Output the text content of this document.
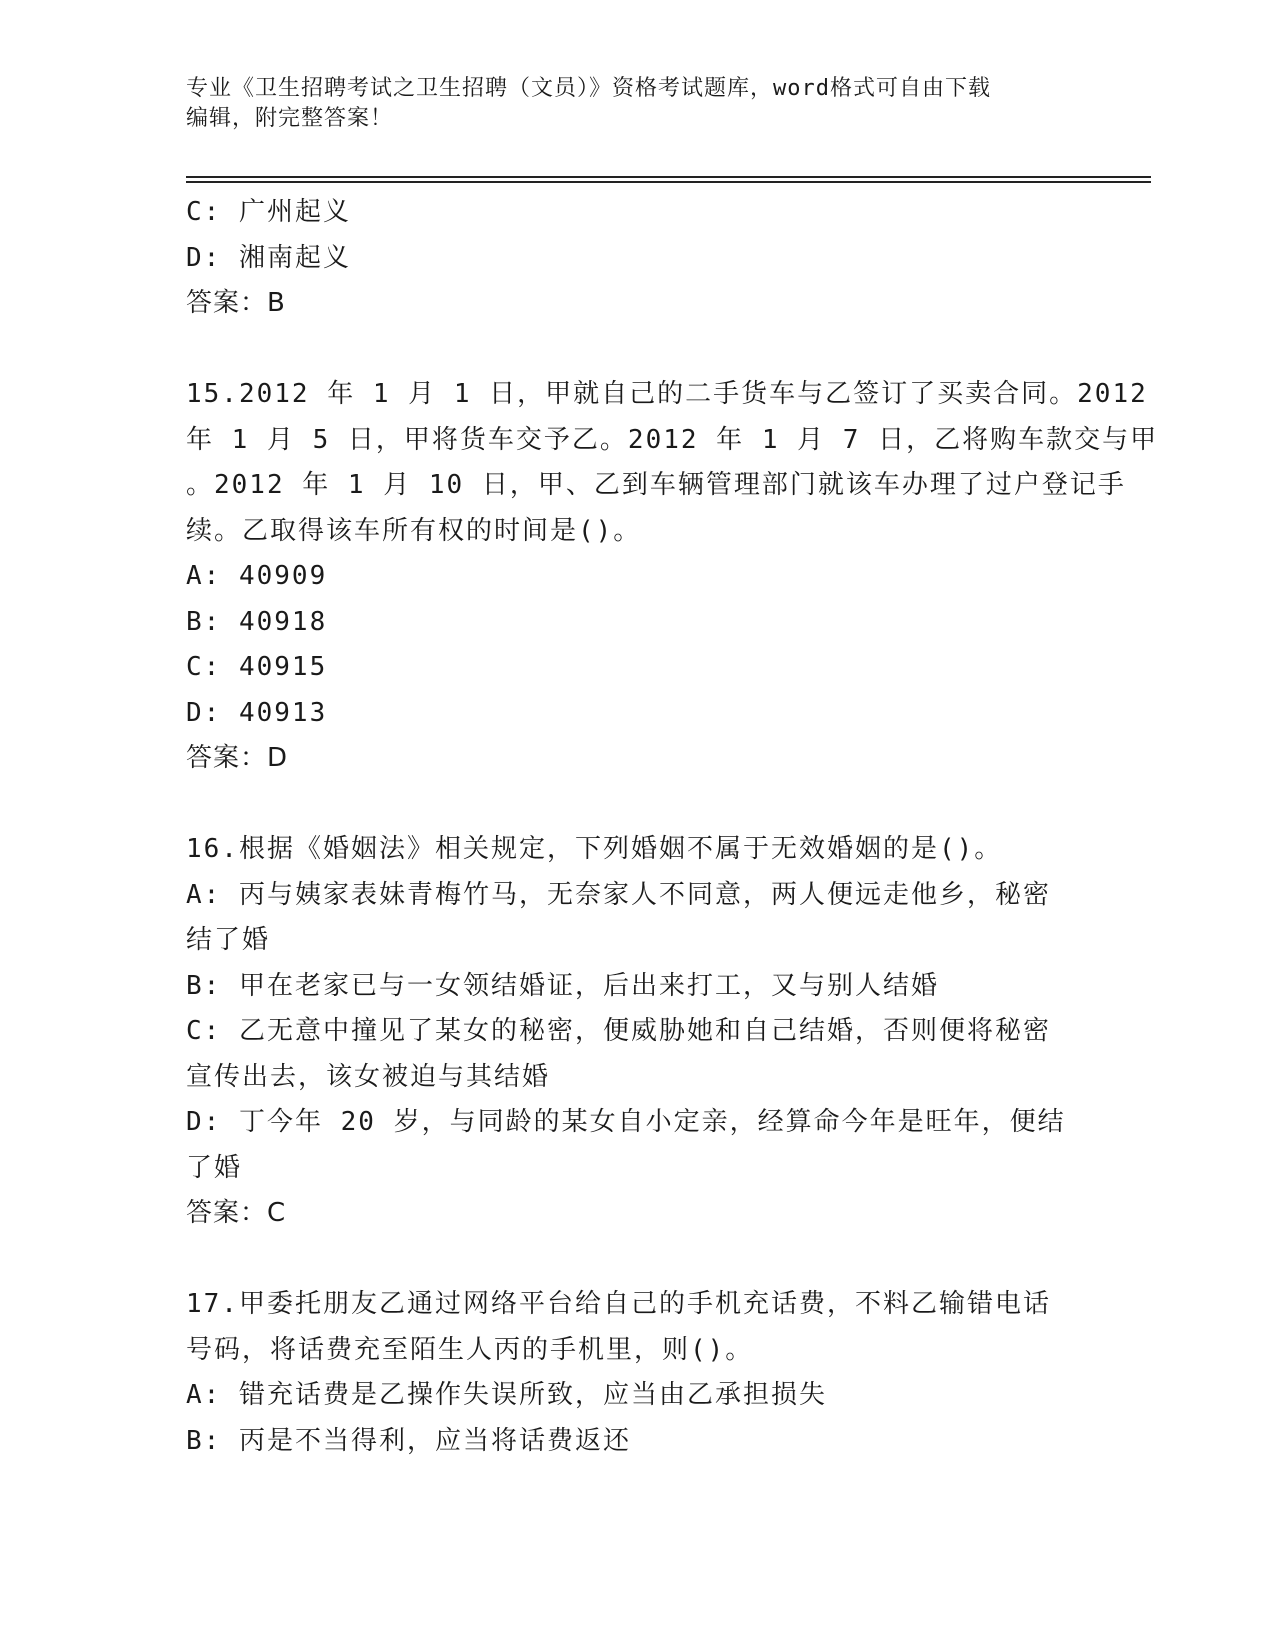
专业《卫生招聘考试之卫生招聘（文员）》资格考试题库，word格式可自由下载
编辑，附完整答案！
C: 广州起义
D: 湘南起义
答案：B
15.2012 年 1 月 1 日，甲就自己的二手货车与乙签订了买卖合同。2012
年 1 月 5 日，甲将货车交予乙。2012 年 1 月 7 日，乙将购车款交与甲
。2012 年 1 月 10 日，甲、乙到车辆管理部门就该车办理了过户登记手
续。乙取得该车所有权的时间是()。
A: 40909
B: 40918
C: 40915
D: 40913
答案：D
16.根据《婚姻法》相关规定，下列婚姻不属于无效婚姻的是()。
A: 丙与姨家表妹青梅竹马，无奈家人不同意，两人便远走他乡，秘密
结了婚
B: 甲在老家已与一女领结婚证，后出来打工，又与别人结婚
C: 乙无意中撞见了某女的秘密，便威胁她和自己结婚，否则便将秘密
宣传出去，该女被迫与其结婚
D: 丁今年 20 岁，与同龄的某女自小定亲，经算命今年是旺年，便结
了婚
答案：C
17.甲委托朋友乙通过网络平台给自己的手机充话费，不料乙输错电话
号码，将话费充至陌生人丙的手机里，则()。
A: 错充话费是乙操作失误所致，应当由乙承担损失
B: 丙是不当得利，应当将话费返还
